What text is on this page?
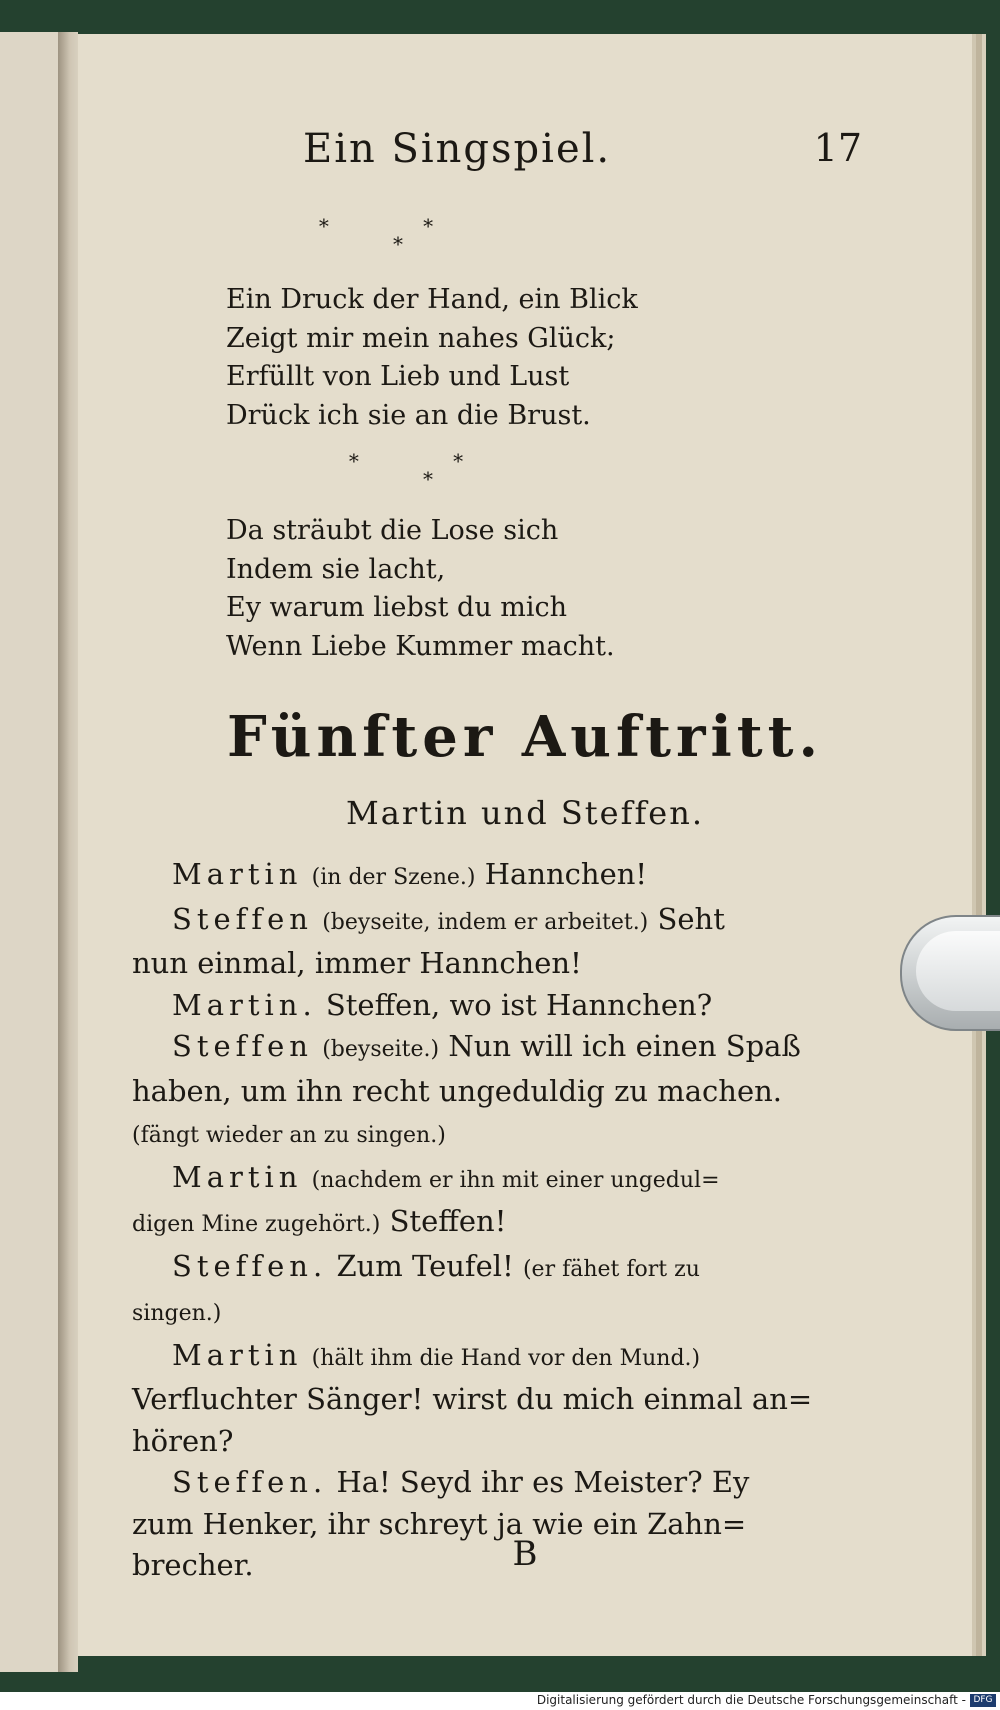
Ein Singspiel.	17
* *
*
Ein Druck der Hand, ein Blick
Zeigt mir mein nahes Glück;
Erfüllt von Lieb und Lust
Drück ich sie an die Brust.
* *
*
Da sträubt die Lose sich
Indem sie lacht,
Ey warum liebst du mich
Wenn Liebe Kummer macht.
Fünfter Auftritt.
Martin und Steffen.
Martin (in der Szene.) Hannchen!
Steffen (beyseite, indem er arbeitet.) Seht
nun einmal, immer Hannchen!
Martin. Steffen, wo ist Hannchen?
Steffen (beyseite.) Nun will ich einen Spaß
haben, um ihn recht ungeduldig zu machen.
(fängt wieder an zu singen.)
Martin (nachdem er ihn mit einer ungedul=
digen Mine zugehört.) Steffen!
Steffen. Zum Teufel! (er fähet fort zu
singen.)
Martin (hält ihm die Hand vor den Mund.)
Verfluchter Sänger! wirst du mich einmal an=
hören?
Steffen. Ha! Seyd ihr es Meister? Ey
zum Henker, ihr schreyt ja wie ein Zahn=
brecher.	B
Digitalisierung gefördert durch die Deutsche Forschungsgemeinschaft - DFG
